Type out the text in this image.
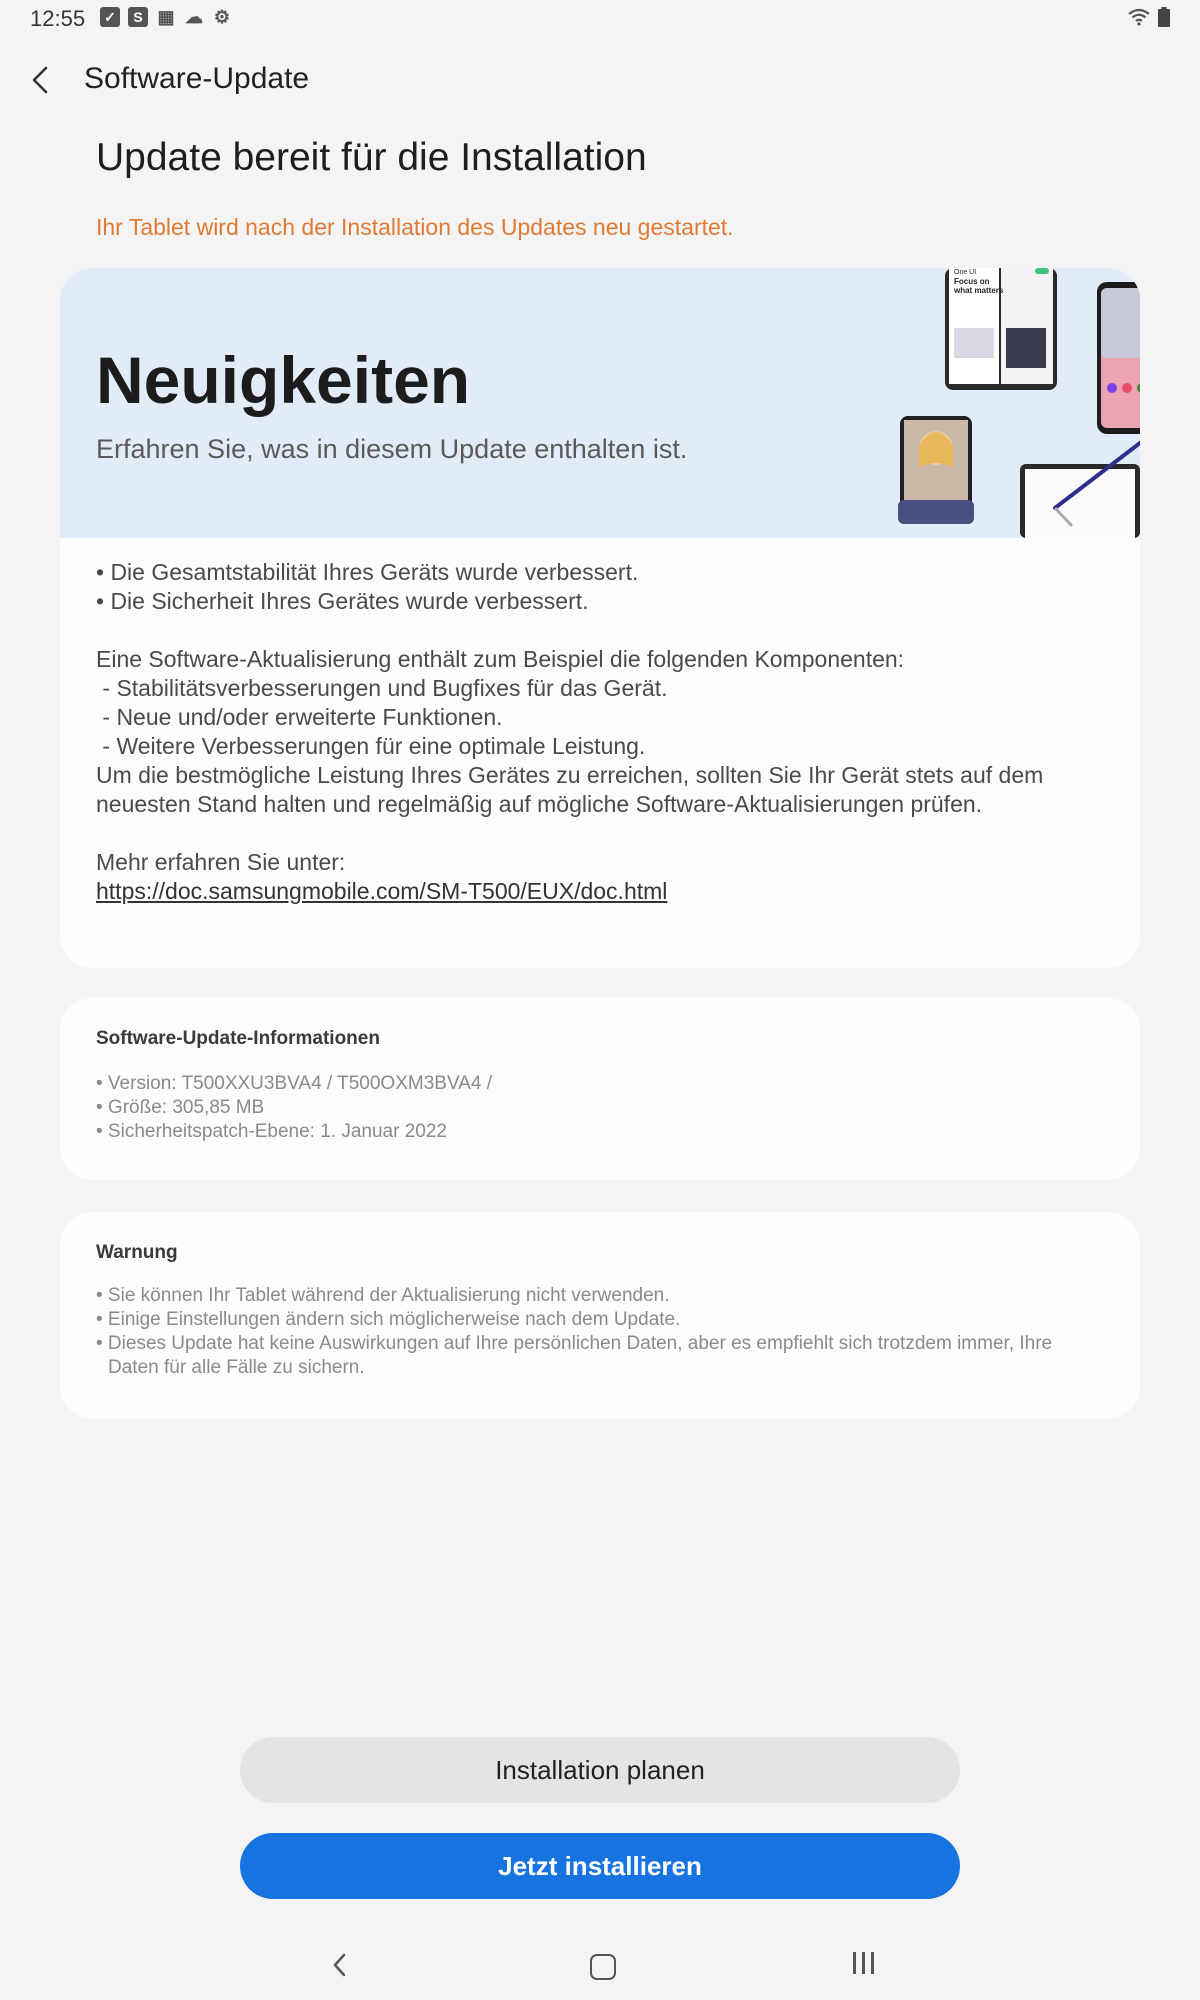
12:55 ✓	S ▦ ☁ ⚙
Software-Update
Update bereit für die Installation
Ihr Tablet wird nach der Installation des Updates neu gestartet.
Neuigkeiten
Erfahren Sie, was in diesem Update enthalten ist.
One UI
Focus on
what matters

• Die Gesamtstabilität Ihres Geräts wurde verbessert.

• Die Sicherheit Ihres Gerätes wurde verbessert.

Eine Software-Aktualisierung enthält zum Beispiel die folgenden Komponenten:

- Stabilitätsverbesserungen und Bugfixes für das Gerät.

- Neue und/oder erweiterte Funktionen.

- Weitere Verbesserungen für eine optimale Leistung.

Um die bestmögliche Leistung Ihres Gerätes zu erreichen, sollten Sie Ihr Gerät stets auf dem neuesten Stand halten und regelmäßig auf mögliche Software-Aktualisierungen prüfen.

Mehr erfahren Sie unter:

https://doc.samsungmobile.com/SM-T500/EUX/doc.html

Software-Update-Informationen
• Version: T500XXU3BVA4 / T500OXM3BVA4 /
• Größe: 305,85 MB
• Sicherheitspatch-Ebene: 1. Januar 2022
Warnung
• Sie können Ihr Tablet während der Aktualisierung nicht verwenden.
• Einige Einstellungen ändern sich möglicherweise nach dem Update.
• Dieses Update hat keine Auswirkungen auf Ihre persönlichen Daten, aber es empfiehlt sich trotzdem immer, Ihre Daten für alle Fälle zu sichern.
Installation planen
Jetzt installieren
